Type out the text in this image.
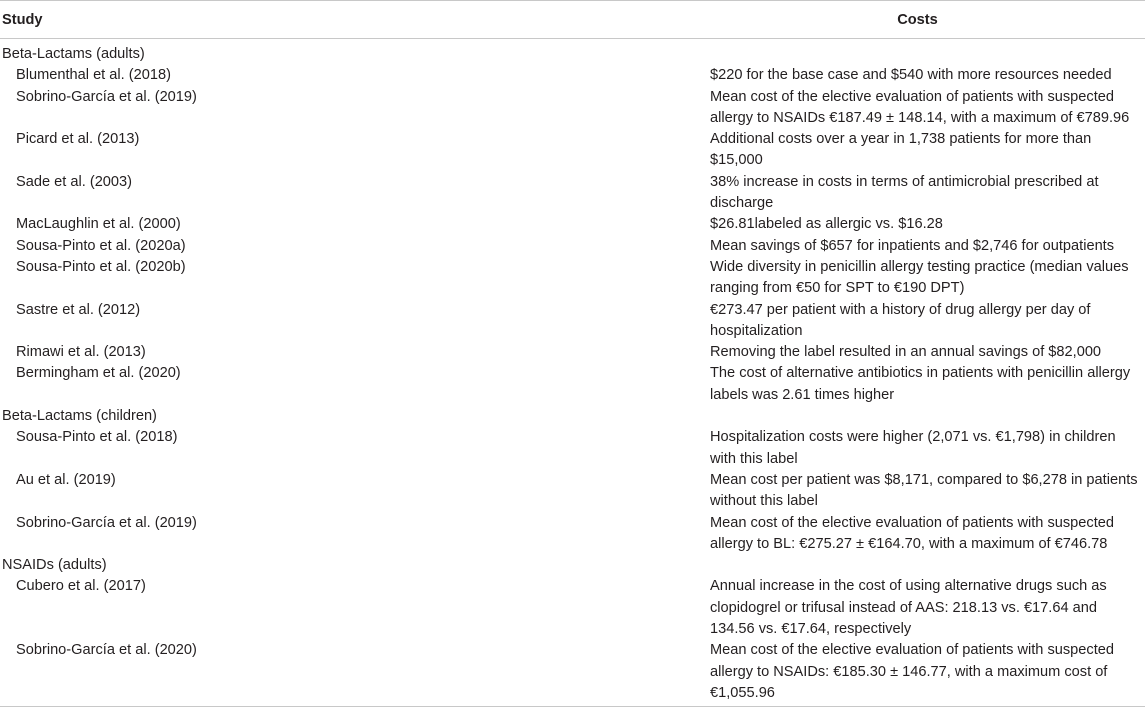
Study	Costs
Beta-Lactams (adults)	
Blumenthal et al. (2018)	$220 for the base case and $540 with more resources needed
Sobrino-García et al. (2019)	Mean cost of the elective evaluation of patients with suspected allergy to NSAIDs €187.49 ± 148.14, with a maximum of €789.96
Picard et al. (2013)	Additional costs over a year in 1,738 patients for more than $15,000
Sade et al. (2003)	38% increase in costs in terms of antimicrobial prescribed at discharge
MacLaughlin et al. (2000)	$26.81labeled as allergic vs. $16.28
Sousa-Pinto et al. (2020a)	Mean savings of $657 for inpatients and $2,746 for outpatients
Sousa-Pinto et al. (2020b)	Wide diversity in penicillin allergy testing practice (median values ranging from €50 for SPT to €190 DPT)
Sastre et al. (2012)	€273.47 per patient with a history of drug allergy per day of hospitalization
Rimawi et al. (2013)	Removing the label resulted in an annual savings of $82,000
Bermingham et al. (2020)	The cost of alternative antibiotics in patients with penicillin allergy labels was 2.61 times higher
Beta-Lactams (children)	
Sousa-Pinto et al. (2018)	Hospitalization costs were higher (2,071 vs. €1,798) in children with this label
Au et al. (2019)	Mean cost per patient was $8,171, compared to $6,278 in patients without this label
Sobrino-García et al. (2019)	Mean cost of the elective evaluation of patients with suspected allergy to BL: €275.27 ± €164.70, with a maximum of €746.78
NSAIDs (adults)	
Cubero et al. (2017)	Annual increase in the cost of using alternative drugs such as clopidogrel or trifusal instead of AAS: 218.13 vs. €17.64 and 134.56 vs. €17.64, respectively
Sobrino-García et al. (2020)	Mean cost of the elective evaluation of patients with suspected allergy to NSAIDs: €185.30 ± 146.77, with a maximum cost of €1,055.96
